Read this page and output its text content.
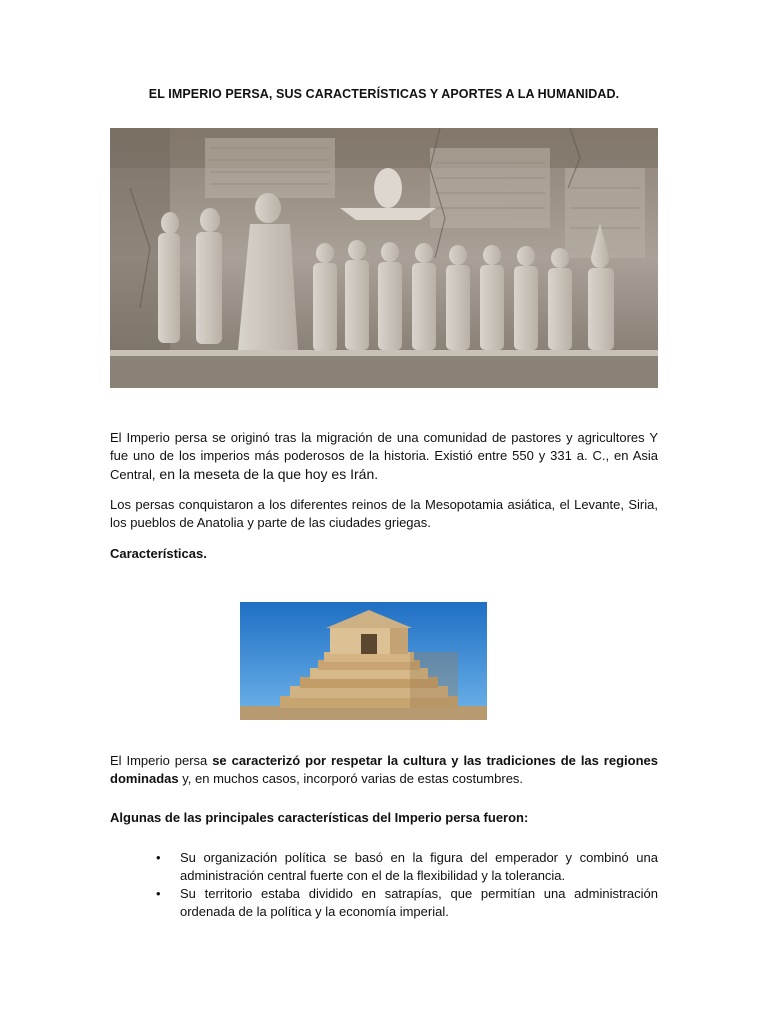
EL IMPERIO PERSA, SUS CARACTERÍSTICAS Y APORTES A LA HUMANIDAD.

El Imperio persa se originó tras la migración de una comunidad de pastores y agricultores Y fue uno de los imperios más poderosos de la historia. Existió entre 550 y 331 a. C., en Asia Central, en la meseta de la que hoy es Irán.

Los persas conquistaron a los diferentes reinos de la Mesopotamia asiática, el Levante, Siria, los pueblos de Anatolia y parte de las ciudades griegas.

Características.

El Imperio persa se caracterizó por respetar la cultura y las tradiciones de las regiones dominadas y, en muchos casos, incorporó varias de estas costumbres.

Algunas de las principales características del Imperio persa fueron:

• Su organización política se basó en la figura del emperador y combinó una administración central fuerte con el de la flexibilidad y la tolerancia.
• Su territorio estaba dividido en satrapías, que permitían una administración ordenada de la política y la economía imperial.
